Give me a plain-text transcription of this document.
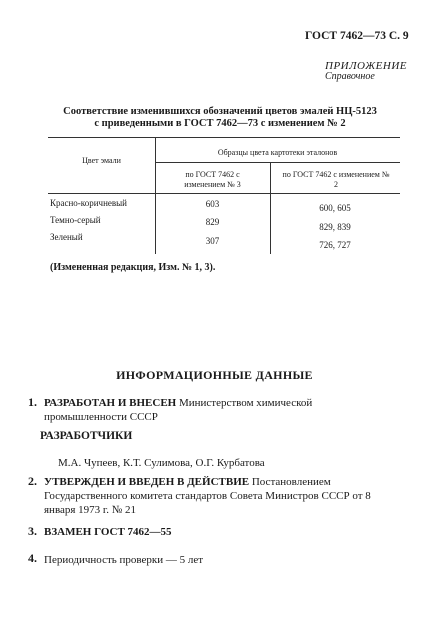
ГОСТ 7462—73 С. 9
ПРИЛОЖЕНИЕ
Справочное
Соответствие изменившихся обозначений цветов эмалей НЦ-5123
с приведенными в ГОСТ 7462—73 с изменением № 2
Цвет эмали
Образцы цвета картотеки эталонов
по ГОСТ 7462 с изменением № 3
по ГОСТ 7462 с изменением № 2
Красно-коричневый	603	600, 605
Темно-серый	829	829, 839
Зеленый	307	726, 727
(Измененная редакция, Изм. № 1, 3).
ИНФОРМАЦИОННЫЕ ДАННЫЕ
1. РАЗРАБОТАН И ВНЕСЕН Министерством химической промышленности СССР
РАЗРАБОТЧИКИ
М.А. Чупеев, К.Т. Сулимова, О.Г. Курбатова
2. УТВЕРЖДЕН И ВВЕДЕН В ДЕЙСТВИЕ Постановлением Государственного комитета стандартов Совета Министров СССР от 8 января 1973 г. № 21
3. ВЗАМЕН ГОСТ 7462—55
4. Периодичность проверки — 5 лет
